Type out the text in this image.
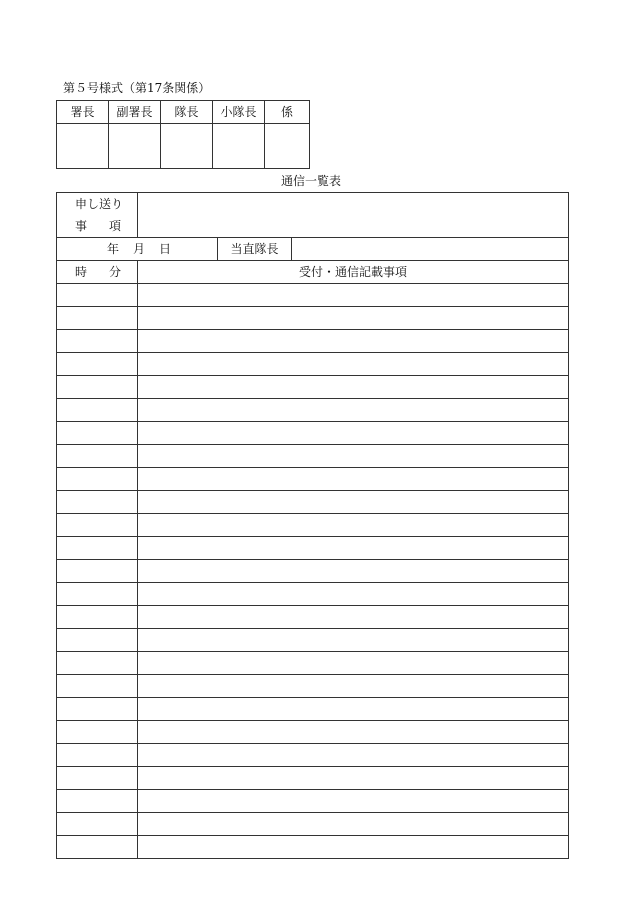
第５号様式（第17条関係）
署長	副署長	隊長	小隊長	係

通信一覧表
申し送り
事 項			
年 月 日		当直隊長	
時 分	受付・通信記載事項		
